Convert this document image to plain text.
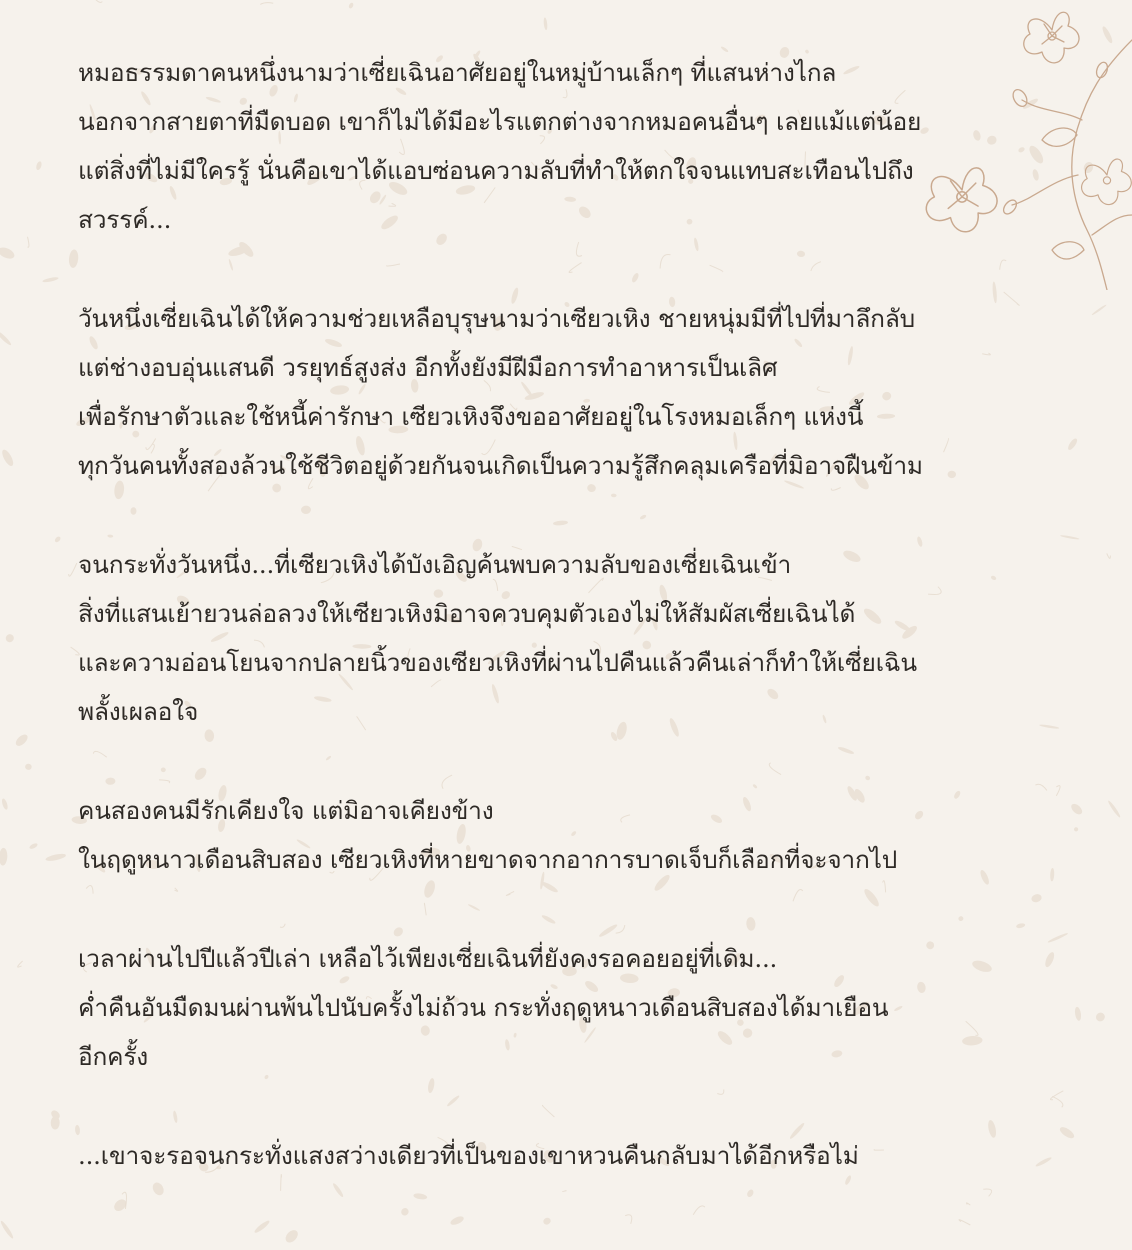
หมอธรรมดาคนหนึ่งนามว่าเซี่ยเฉินอาศัยอยู่ในหมู่บ้านเล็กๆ ที่แสนห่างไกล
นอกจากสายตาที่มืดบอด เขาก็ไม่ได้มีอะไรแตกต่างจากหมอคนอื่นๆ เลยแม้แต่น้อย
แต่สิ่งที่ไม่มีใครรู้ นั่นคือเขาได้แอบซ่อนความลับที่ทำให้ตกใจจนแทบสะเทือนไปถึง
สวรรค์...
วันหนึ่งเซี่ยเฉินได้ให้ความช่วยเหลือบุรุษนามว่าเซียวเหิง ชายหนุ่มมีที่ไปที่มาลึกลับ
แต่ช่างอบอุ่นแสนดี วรยุทธ์สูงส่ง อีกทั้งยังมีฝีมือการทำอาหารเป็นเลิศ
เพื่อรักษาตัวและใช้หนี้ค่ารักษา เซียวเหิงจึงขออาศัยอยู่ในโรงหมอเล็กๆ แห่งนี้
ทุกวันคนทั้งสองล้วนใช้ชีวิตอยู่ด้วยกันจนเกิดเป็นความรู้สึกคลุมเครือที่มิอาจฝืนข้าม
จนกระทั่งวันหนึ่ง...ที่เซียวเหิงได้บังเอิญค้นพบความลับของเซี่ยเฉินเข้า
สิ่งที่แสนเย้ายวนล่อลวงให้เซียวเหิงมิอาจควบคุมตัวเองไม่ให้สัมผัสเซี่ยเฉินได้
และความอ่อนโยนจากปลายนิ้วของเซียวเหิงที่ผ่านไปคืนแล้วคืนเล่าก็ทำให้เซี่ยเฉิน
พลั้งเผลอใจ
คนสองคนมีรักเคียงใจ แต่มิอาจเคียงข้าง
ในฤดูหนาวเดือนสิบสอง เซียวเหิงที่หายขาดจากอาการบาดเจ็บก็เลือกที่จะจากไป
เวลาผ่านไปปีแล้วปีเล่า เหลือไว้เพียงเซี่ยเฉินที่ยังคงรอคอยอยู่ที่เดิม...
ค่ำคืนอันมืดมนผ่านพ้นไปนับครั้งไม่ถ้วน กระทั่งฤดูหนาวเดือนสิบสองได้มาเยือน
อีกครั้ง
...เขาจะรอจนกระทั่งแสงสว่างเดียวที่เป็นของเขาหวนคืนกลับมาได้อีกหรือไม่
